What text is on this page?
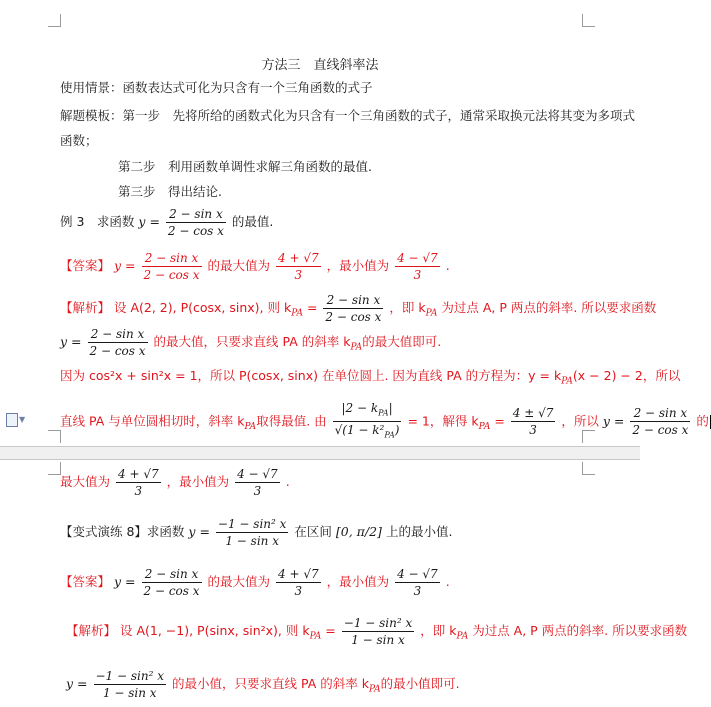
方法三　直线斜率法
使用情景：函数表达式可化为只含有一个三角函数的式子
解题模板：第一步　先将所给的函数式化为只含有一个三角函数的式子，通常采取换元法将其变为多项式
函数；
第二步　利用函数单调性求解三角函数的最值.
第三步　得出结论.
例 3　求函数 $y = \frac{\text{2 − sin x}}{\text{2 − cos x}}$ 的最值.
【答案】 $y = \frac{\text{2 − sin x}}{\text{2 − cos x}}$ 的最大值为 $\frac{4 + √7}{3}$ ，最小值为 $\frac{4 - √7}{3}$ .
【解析】 设 A(2, 2), P(cosx, sinx), 则 $k_{PA} = \frac{\text{2 − sin x}}{\text{2 − cos x}}$ ，即 $k_{PA}$ 为过点 A, P 两点的斜率. 所以要求函数
$y = \frac{\text{2 − sin x}}{\text{2 − cos x}}$ 的最大值，只要求直线 PA 的斜率 $k_{PA}$的最大值即可.
因为 cos²x + sin²x = 1，所以 P(cosx, sinx) 在单位圆上. 因为直线 PA 的方程为：$y = k_{PA}(x - 2) - 2$，所以
▼	直线 PA 与单位圆相切时，斜率 $k_{PA}$取得最值. 由 $\frac{|2 - k_{PA}|}{√(1 - k^2_{PA})} = 1$，解得 $k_{PA} = \frac{4 \pm √7}{3}$ ，所以 $y = \frac{\text{2 − sin x}}{\text{2 − cos x}}$ 的
最大值为 $\frac{4 + √7}{3}$ ，最小值为 $\frac{4 - √7}{3}$ .
【变式演练 8】求函数 $y = \frac{\text{−1 − sin² x}}{\text{1 − sin x}}$ 在区间 [0, π/2] 上的最小值.
【答案】 $y = \frac{\text{2 − sin x}}{\text{2 − cos x}}$ 的最大值为 $\frac{4 + √7}{3}$ ，最小值为 $\frac{4 - √7}{3}$ .
【解析】 设 A(1, −1), P(sinx, sin²x), 则 $k_{PA} = \frac{\text{−1 − sin² x}}{\text{1 − sin x}}$ ，即 $k_{PA}$ 为过点 A, P 两点的斜率. 所以要求函数
$y = \frac{\text{−1 − sin² x}}{\text{1 − sin x}}$ 的最小值，只要求直线 PA 的斜率 $k_{PA}$的最小值即可.
